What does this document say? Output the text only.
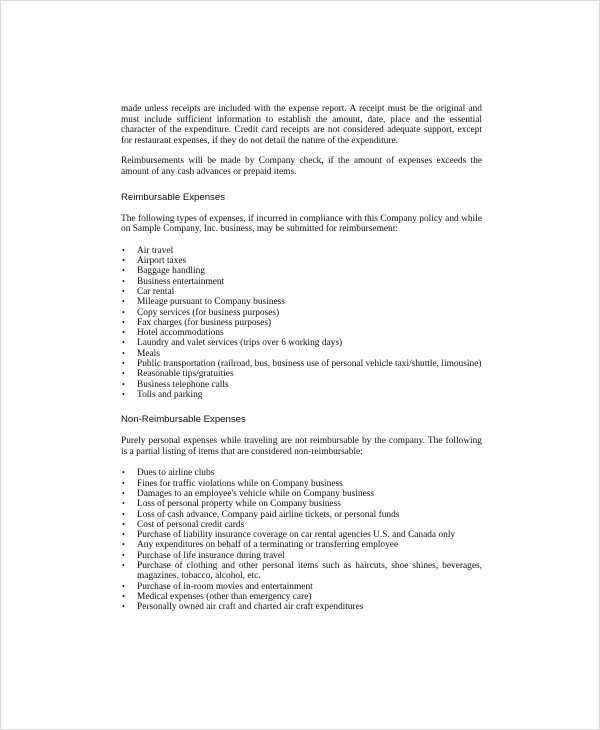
made unless receipts are included with the expense report. A receipt must be the original and must include sufficient information to establish the amount, date, place and the essential character of the expenditure. Credit card receipts are not considered adequate support, except for restaurant expenses, if they do not detail the nature of the expenditure.

Reimbursements will be made by Company check, if the amount of expenses exceeds the amount of any cash advances or prepaid items.

Reimbursable Expenses

The following types of expenses, if incurred in compliance with this Company policy and while on Sample Company, Inc. business, may be submitted for reimbursement:

• Air travel
• Airport taxes
• Baggage handling
• Business entertainment
• Car rental
• Mileage pursuant to Company business
• Copy services (for business purposes)
• Fax charges (for business purposes)
• Hotel accommodations
• Laundry and valet services (trips over 6 working days)
• Meals
• Public transportation (railroad, bus, business use of personal vehicle taxi/shuttle, limousine)
• Reasonable tips/gratuities
• Business telephone calls
• Tolls and parking
Non-Reimbursable Expenses

Purely personal expenses while traveling are not reimbursable by the company. The following is a partial listing of items that are considered non-reimbursable:

• Dues to airline clubs
• Fines for traffic violations while on Company business
• Damages to an employee's vehicle while on Company business
• Loss of personal property while on Company business
• Loss of cash advance, Company paid airline tickets, or personal funds
• Cost of personal credit cards
• Purchase of liability insurance coverage on car rental agencies U.S. and Canada only
• Any expenditures on behalf of a terminating or transferring employee
• Purchase of life insurance during travel
• Purchase of clothing and other personal items such as haircuts, shoe shines, beverages, magazines, tobacco, alcohol, etc.
• Purchase of in-room movies and entertainment
• Medical expenses (other than emergency care)
• Personally owned air craft and charted air craft expenditures
